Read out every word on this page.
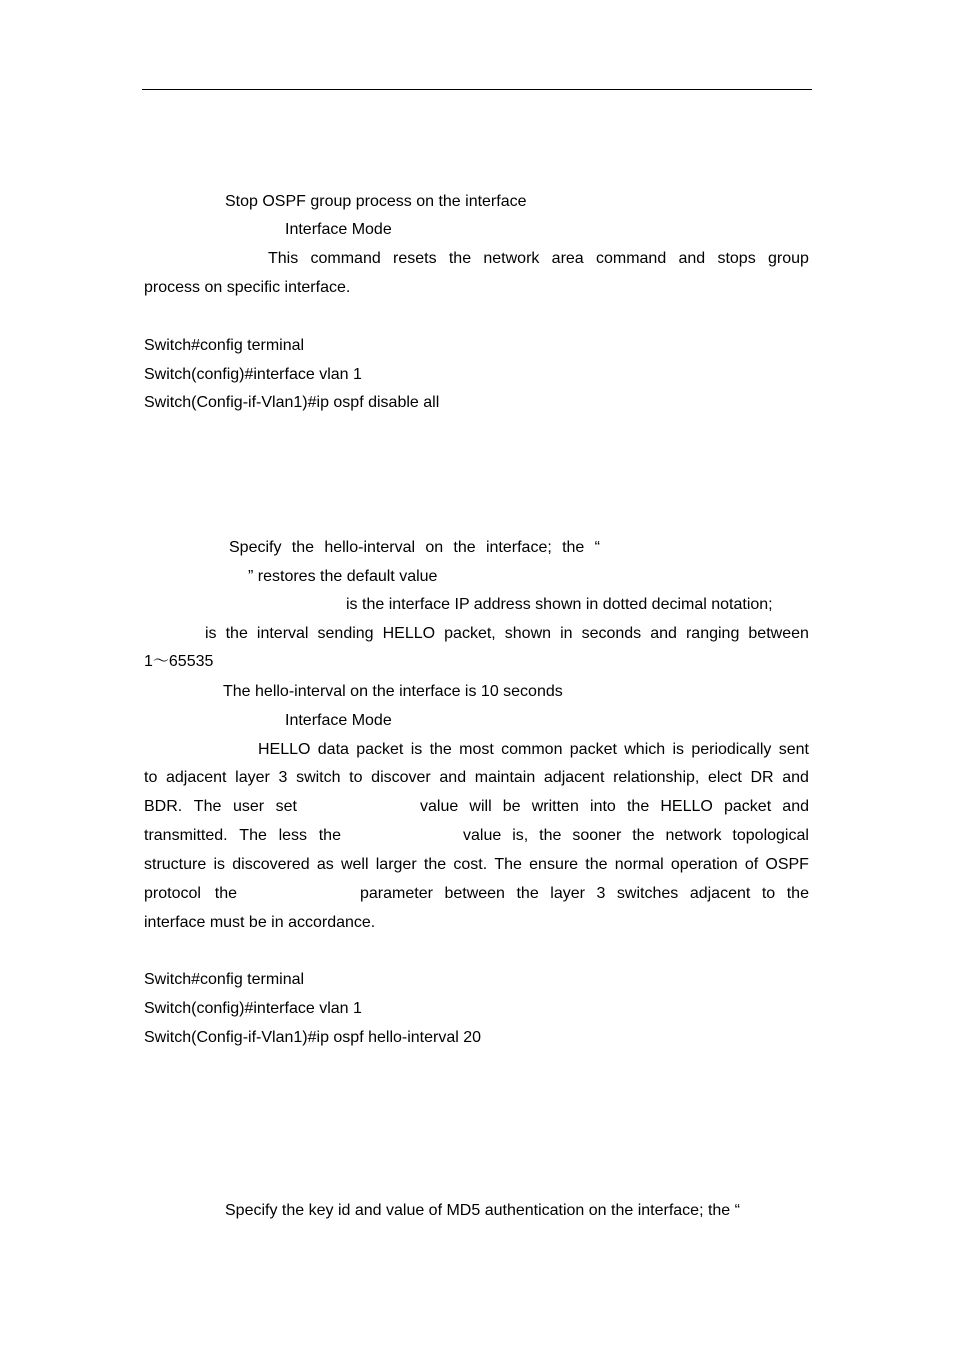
Stop OSPF group process on the interface
Interface Mode
This command resets the network area command and stops group
process on specific interface.
Switch#config terminal
Switch(config)#interface vlan 1
Switch(Config-if-Vlan1)#ip ospf disable all
Specify the hello-interval on the interface; the “
” restores the default value
is the interface IP address shown in dotted decimal notation;
is the interval sending HELLO packet, shown in seconds and ranging between
1～65535
The hello-interval on the interface is 10 seconds
Interface Mode
HELLO data packet is the most common packet which is periodically sent
to adjacent layer 3 switch to discover and maintain adjacent relationship, elect DR and
BDR. The user set	value will be written into the HELLO packet and
transmitted. The less the	value is, the sooner the network topological
structure is discovered as well larger the cost. The ensure the normal operation of OSPF
protocol the	parameter between the layer 3 switches adjacent to the
interface must be in accordance.
Switch#config terminal
Switch(config)#interface vlan 1
Switch(Config-if-Vlan1)#ip ospf hello-interval 20
Specify the key id and value of MD5 authentication on the interface; the “
